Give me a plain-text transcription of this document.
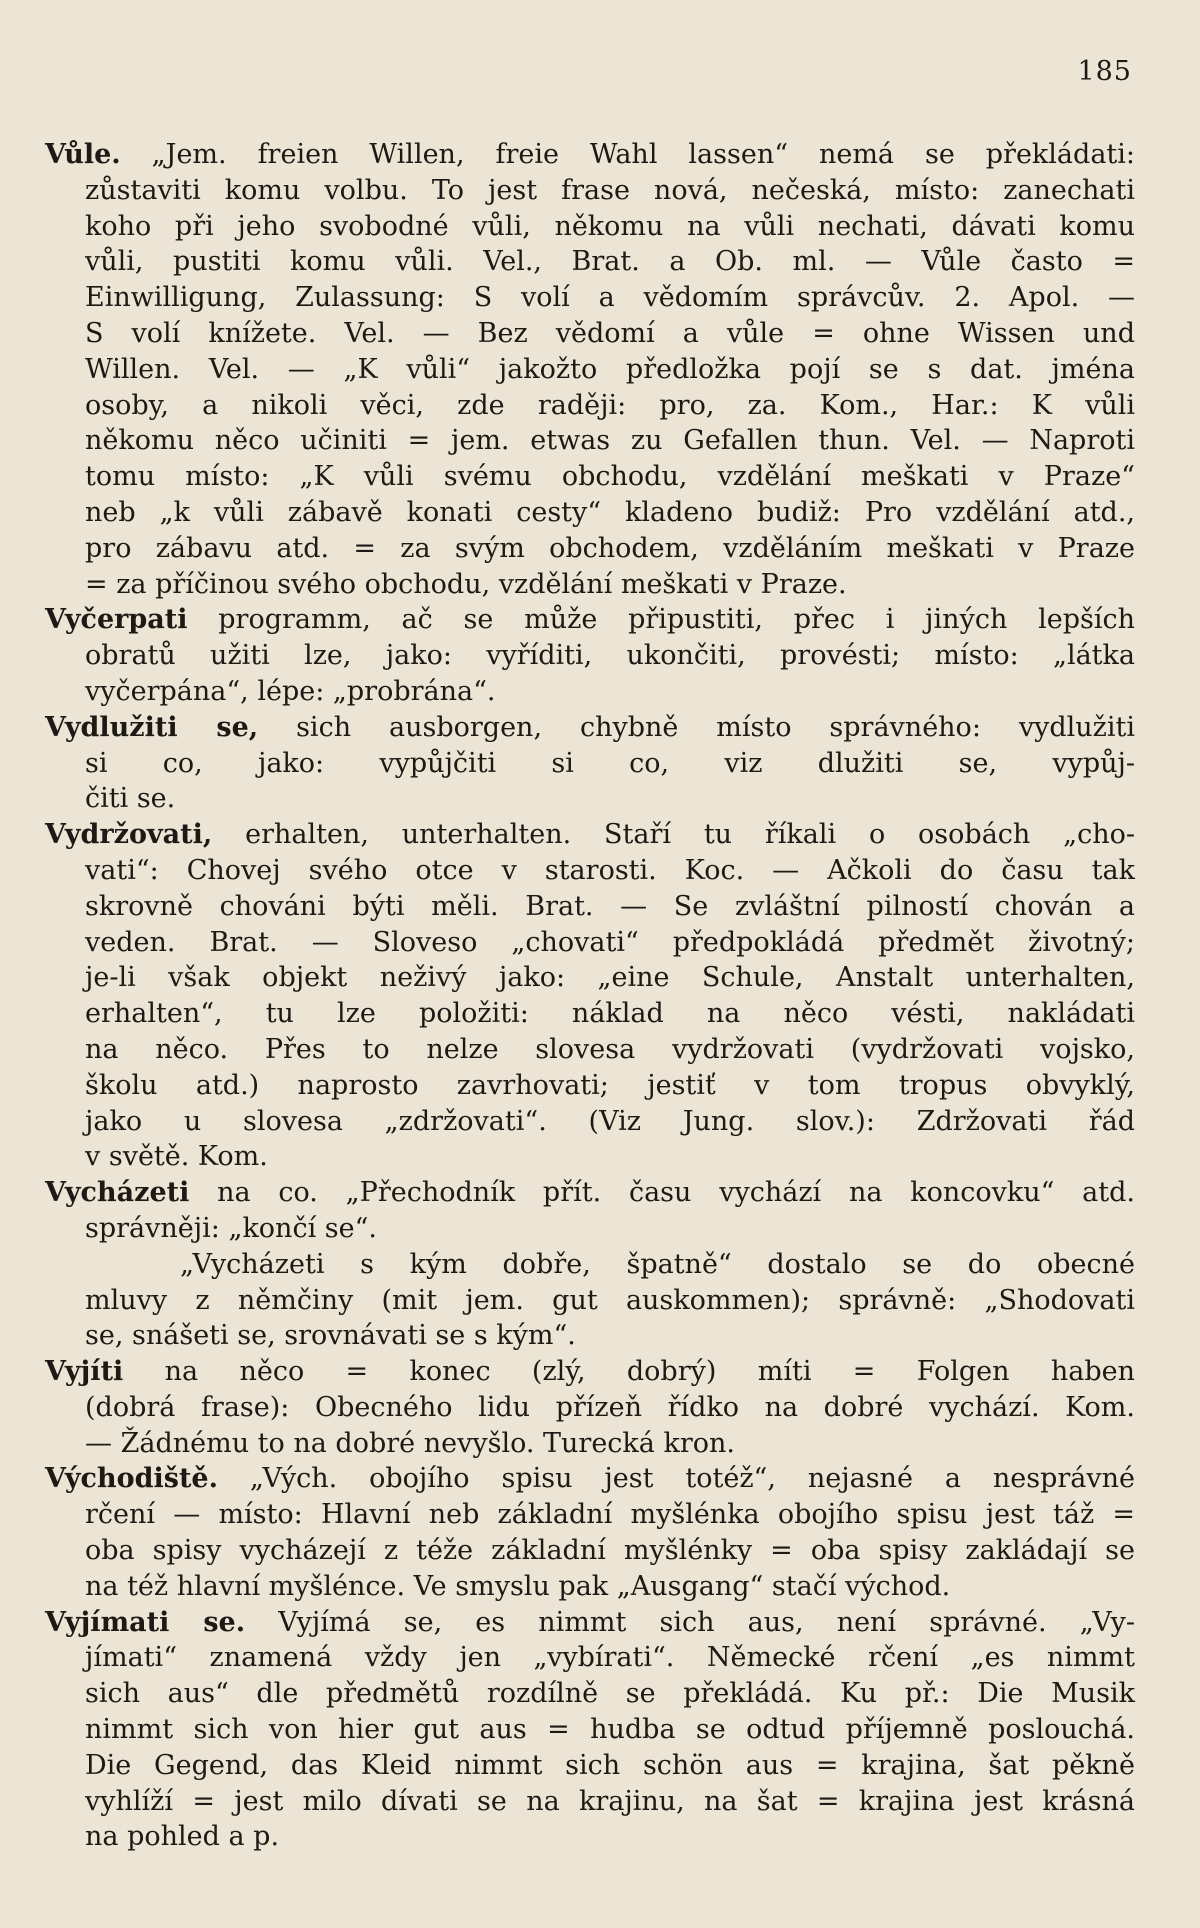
185
Vůle. „Jem. freien Willen, freie Wahl lassen“ nemá se překládati:
zůstaviti komu volbu. To jest frase nová, nečeská, místo: zanechati
koho při jeho svobodné vůli, někomu na vůli nechati, dávati komu
vůli, pustiti komu vůli. Vel., Brat. a Ob. ml. — Vůle často =
Einwilligung, Zulassung: S volí a vědomím správcův. 2. Apol. —
S volí knížete. Vel. — Bez vědomí a vůle = ohne Wissen und
Willen. Vel. — „K vůli“ jakožto předložka pojí se s dat. jména
osoby, a nikoli věci, zde raději: pro, za. Kom., Har.: K vůli
někomu něco učiniti = jem. etwas zu Gefallen thun. Vel. — Naproti
tomu místo: „K vůli svému obchodu, vzdělání meškati v Praze“
neb „k vůli zábavě konati cesty“ kladeno budiž: Pro vzdělání atd.,
pro zábavu atd. = za svým obchodem, vzděláním meškati v Praze
= za příčinou svého obchodu, vzdělání meškati v Praze.
Vyčerpati programm, ač se může připustiti, přec i jiných lepších
obratů užiti lze, jako: vyříditi, ukončiti, provésti; místo: „látka
vyčerpána“, lépe: „probrána“.
Vydlužiti se, sich ausborgen, chybně místo správného: vydlužiti
si co, jako: vypůjčiti si co, viz dlužiti se, vypůj-
čiti se.
Vydržovati, erhalten, unterhalten. Staří tu říkali o osobách „cho-
vati“: Chovej svého otce v starosti. Koc. — Ačkoli do času tak
skrovně chováni býti měli. Brat. — Se zvláštní pilností chován a
veden. Brat. — Sloveso „chovati“ předpokládá předmět životný;
je-li však objekt neživý jako: „eine Schule, Anstalt unterhalten,
erhalten“, tu lze položiti: náklad na něco vésti, nakládati
na něco. Přes to nelze slovesa vydržovati (vydržovati vojsko,
školu atd.) naprosto zavrhovati; jestiť v tom tropus obvyklý,
jako u slovesa „zdržovati“. (Viz Jung. slov.): Zdržovati řád
v světě. Kom.
Vycházeti na co. „Přechodník přít. času vychází na koncovku“ atd.
správněji: „končí se“.
„Vycházeti s kým dobře, špatně“ dostalo se do obecné
mluvy z němčiny (mit jem. gut auskommen); správně: „Shodovati
se, snášeti se, srovnávati se s kým“.
Vyjíti na něco = konec (zlý, dobrý) míti = Folgen haben
(dobrá frase): Obecného lidu přízeň řídko na dobré vychází. Kom.
— Žádnému to na dobré nevyšlo. Turecká kron.
Východiště. „Vých. obojího spisu jest totéž“, nejasné a nesprávné
rčení — místo: Hlavní neb základní myšlénka obojího spisu jest táž =
oba spisy vycházejí z téže základní myšlénky = oba spisy zakládají se
na též hlavní myšlénce. Ve smyslu pak „Ausgang“ stačí východ.
Vyjímati se. Vyjímá se, es nimmt sich aus, není správné. „Vy-
jímati“ znamená vždy jen „vybírati“. Německé rčení „es nimmt
sich aus“ dle předmětů rozdílně se překládá. Ku př.: Die Musik
nimmt sich von hier gut aus = hudba se odtud příjemně poslouchá.
Die Gegend, das Kleid nimmt sich schön aus = krajina, šat pěkně
vyhlíží = jest milo dívati se na krajinu, na šat = krajina jest krásná
na pohled a p.
